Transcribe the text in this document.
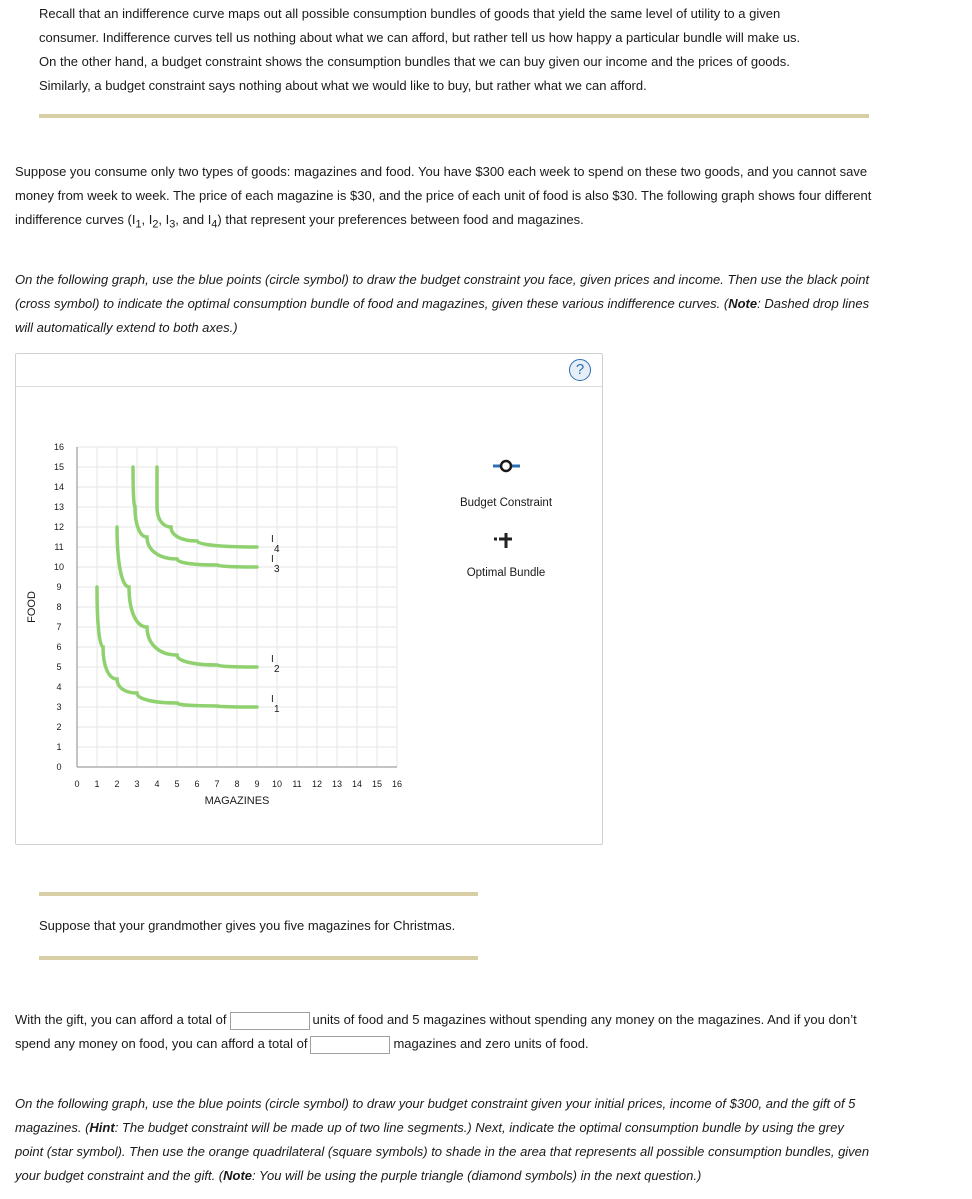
Recall that an indifference curve maps out all possible consumption bundles of goods that yield the same level of utility to a given
consumer. Indifference curves tell us nothing about what we can afford, but rather tell us how happy a particular bundle will make us.
On the other hand, a budget constraint shows the consumption bundles that we can buy given our income and the prices of goods.
Similarly, a budget constraint says nothing about what we would like to buy, but rather what we can afford.
Suppose you consume only two types of goods: magazines and food. You have $300 each week to spend on these two goods, and you cannot save
money from week to week. The price of each magazine is $30, and the price of each unit of food is also $30. The following graph shows four different
indifference curves ($I_1$, $I_2$, $I_3$, and $I_4$) that represent your preferences between food and magazines.
On the following graph, use the blue points (circle symbol) to draw the budget constraint you face, given prices and income. Then use the black point
(cross symbol) to indicate the optimal consumption bundle of food and magazines, given these various indifference curves. (Note: Dashed drop lines
will automatically extend to both axes.)
?
0 1 2 3 4 5 6 7 8 9 10 11 12 13 14 15 16
0
1
2
3
4
5
6
7
8
9
10
11
12
13
14
15
16
MAGAZINES
FOOD
I
1
I
2
I
3
I
4
Budget Constraint
Optimal Bundle
Suppose that your grandmother gives you five magazines for Christmas.
With the gift, you can afford a total of	units of food and 5 magazines without spending any money on the magazines. And if you don’t
spend any money on food, you can afford a total of	magazines and zero units of food.
On the following graph, use the blue points (circle symbol) to draw your budget constraint given your initial prices, income of $300, and the gift of 5
magazines. (Hint: The budget constraint will be made up of two line segments.) Next, indicate the optimal consumption bundle by using the grey
point (star symbol). Then use the orange quadrilateral (square symbols) to shade in the area that represents all possible consumption bundles, given
your budget constraint and the gift. (Note: You will be using the purple triangle (diamond symbols) in the next question.)
